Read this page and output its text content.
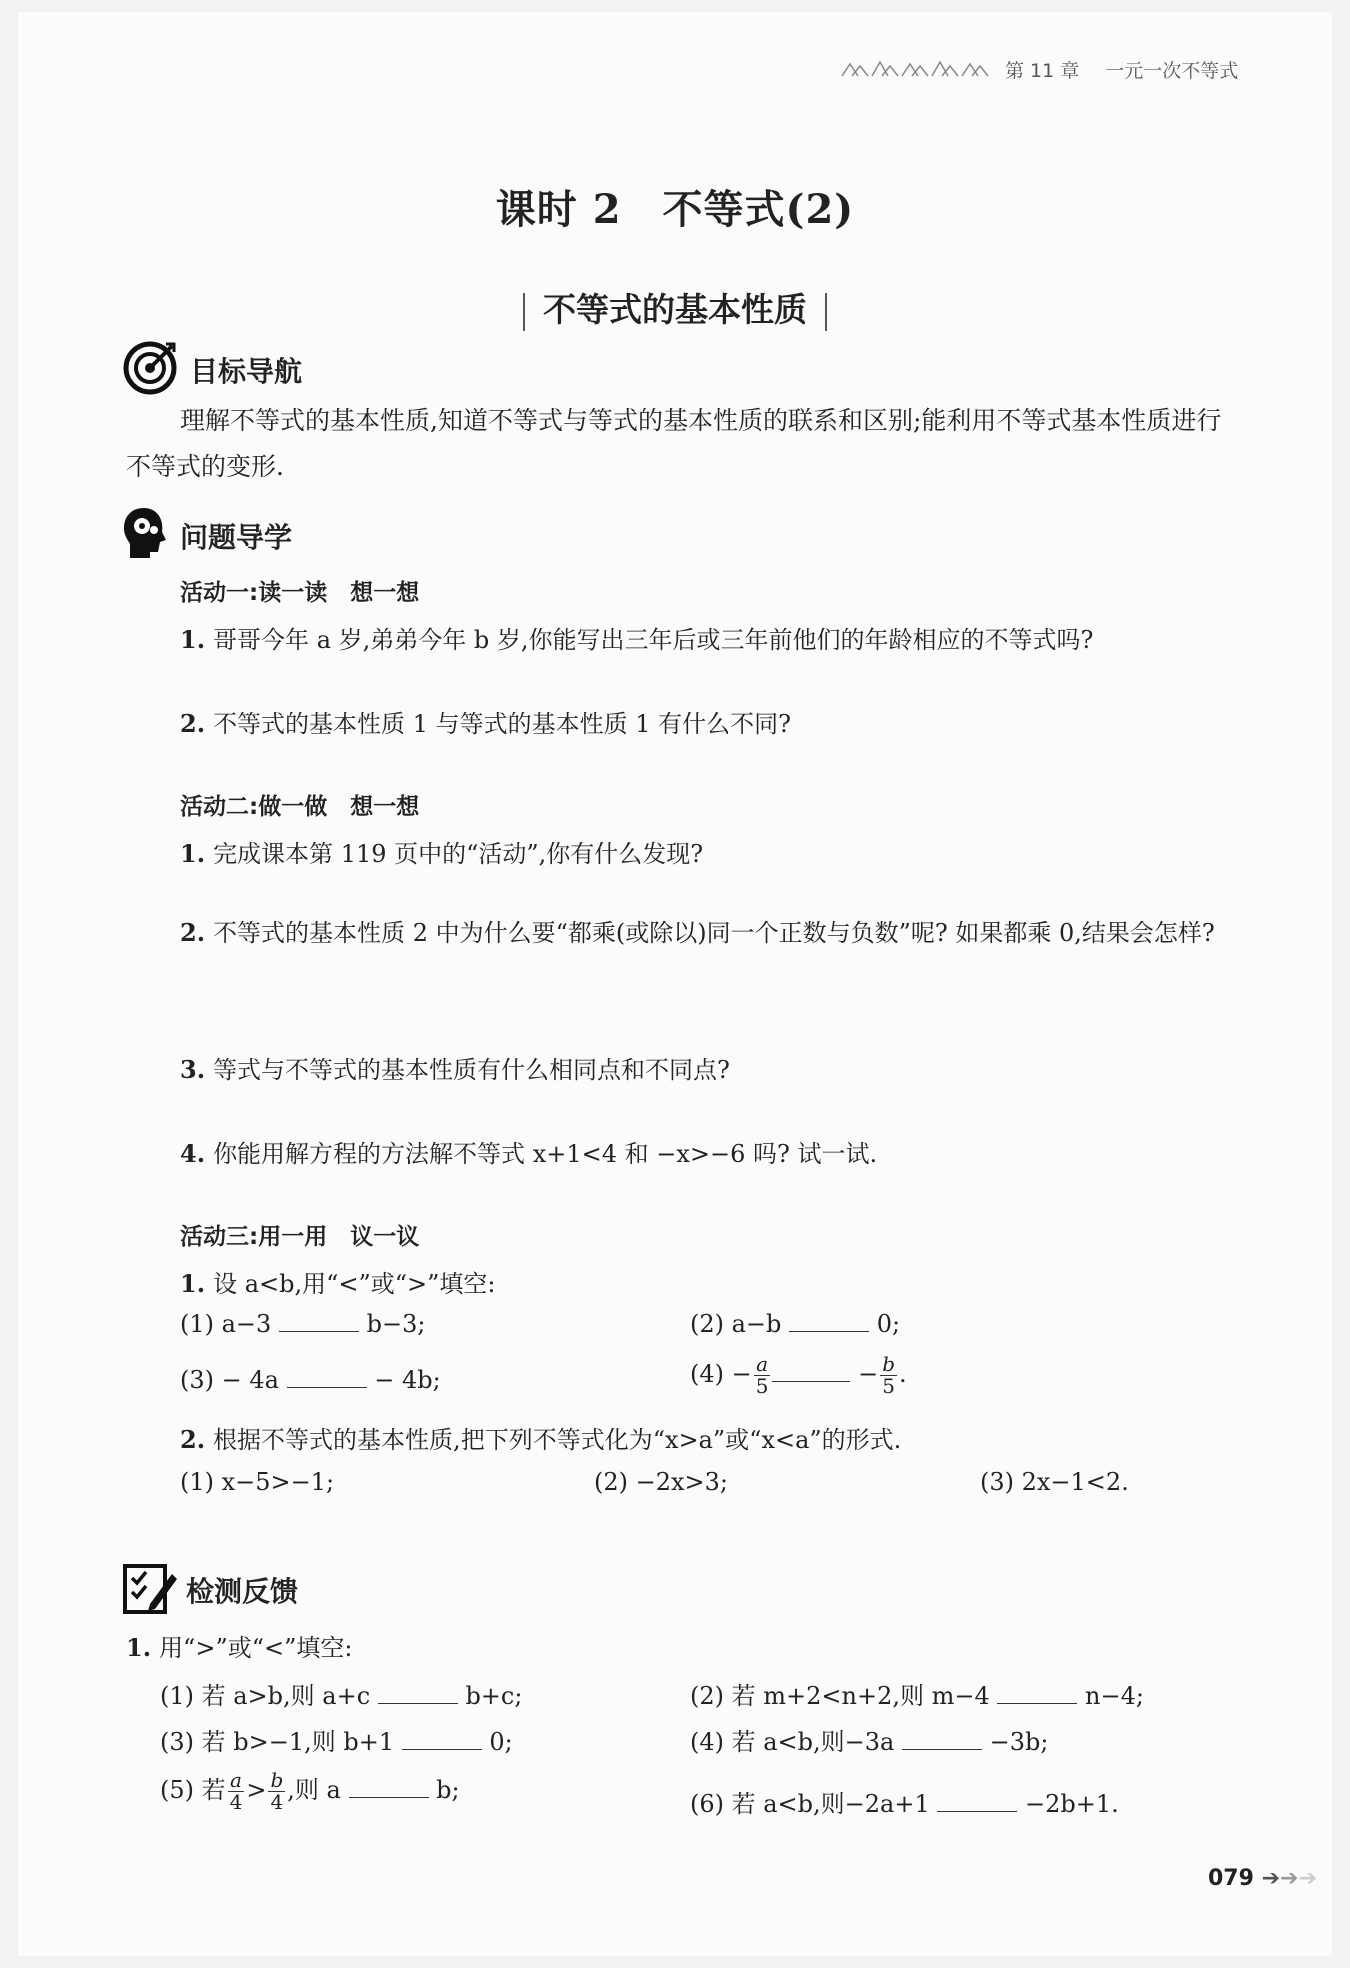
第 11 章 一元一次不等式
课时 2　不等式(2)
不等式的基本性质
目标导航
理解不等式的基本性质,知道不等式与等式的基本性质的联系和区别;能利用不等式基本性质进行不等式的变形.
问题导学
活动一:读一读　想一想
1. 哥哥今年 a 岁,弟弟今年 b 岁,你能写出三年后或三年前他们的年龄相应的不等式吗?
2. 不等式的基本性质 1 与等式的基本性质 1 有什么不同?
活动二:做一做　想一想
1. 完成课本第 119 页中的“活动”,你有什么发现?
2. 不等式的基本性质 2 中为什么要“都乘(或除以)同一个正数与负数”呢? 如果都乘 0,结果会怎样?
3. 等式与不等式的基本性质有什么相同点和不同点?
4. 你能用解方程的方法解不等式 x+1<4 和 −x>−6 吗? 试一试.
活动三:用一用　议一议
1. 设 a<b,用“<”或“>”填空:
(1) a−3	b−3;	(2) a−b	0;
(3) − 4a	− 4b;	$(4) - \frac{a}{5}$	− $\frac{b}{5}$ .
2. 根据不等式的基本性质,把下列不等式化为“x>a”或“x<a”的形式.
(1) x−5>−1;	(2) −2x>3;	(3) 2x−1<2.
检测反馈
1. 用“>”或“<”填空:
(1) 若 a>b,则 a+c	b+c;	(2) 若 m+2<n+2,则 m−4	n−4;
(3) 若 b>−1,则 b+1	0;	(4) 若 a<b,则−3a	−3b;
(5) 若 $\frac{a}{4} > \frac{b}{4}$ ,则 a	b;	(6) 若 a<b,则−2a+1	−2b+1.
079 ➔➔➔
